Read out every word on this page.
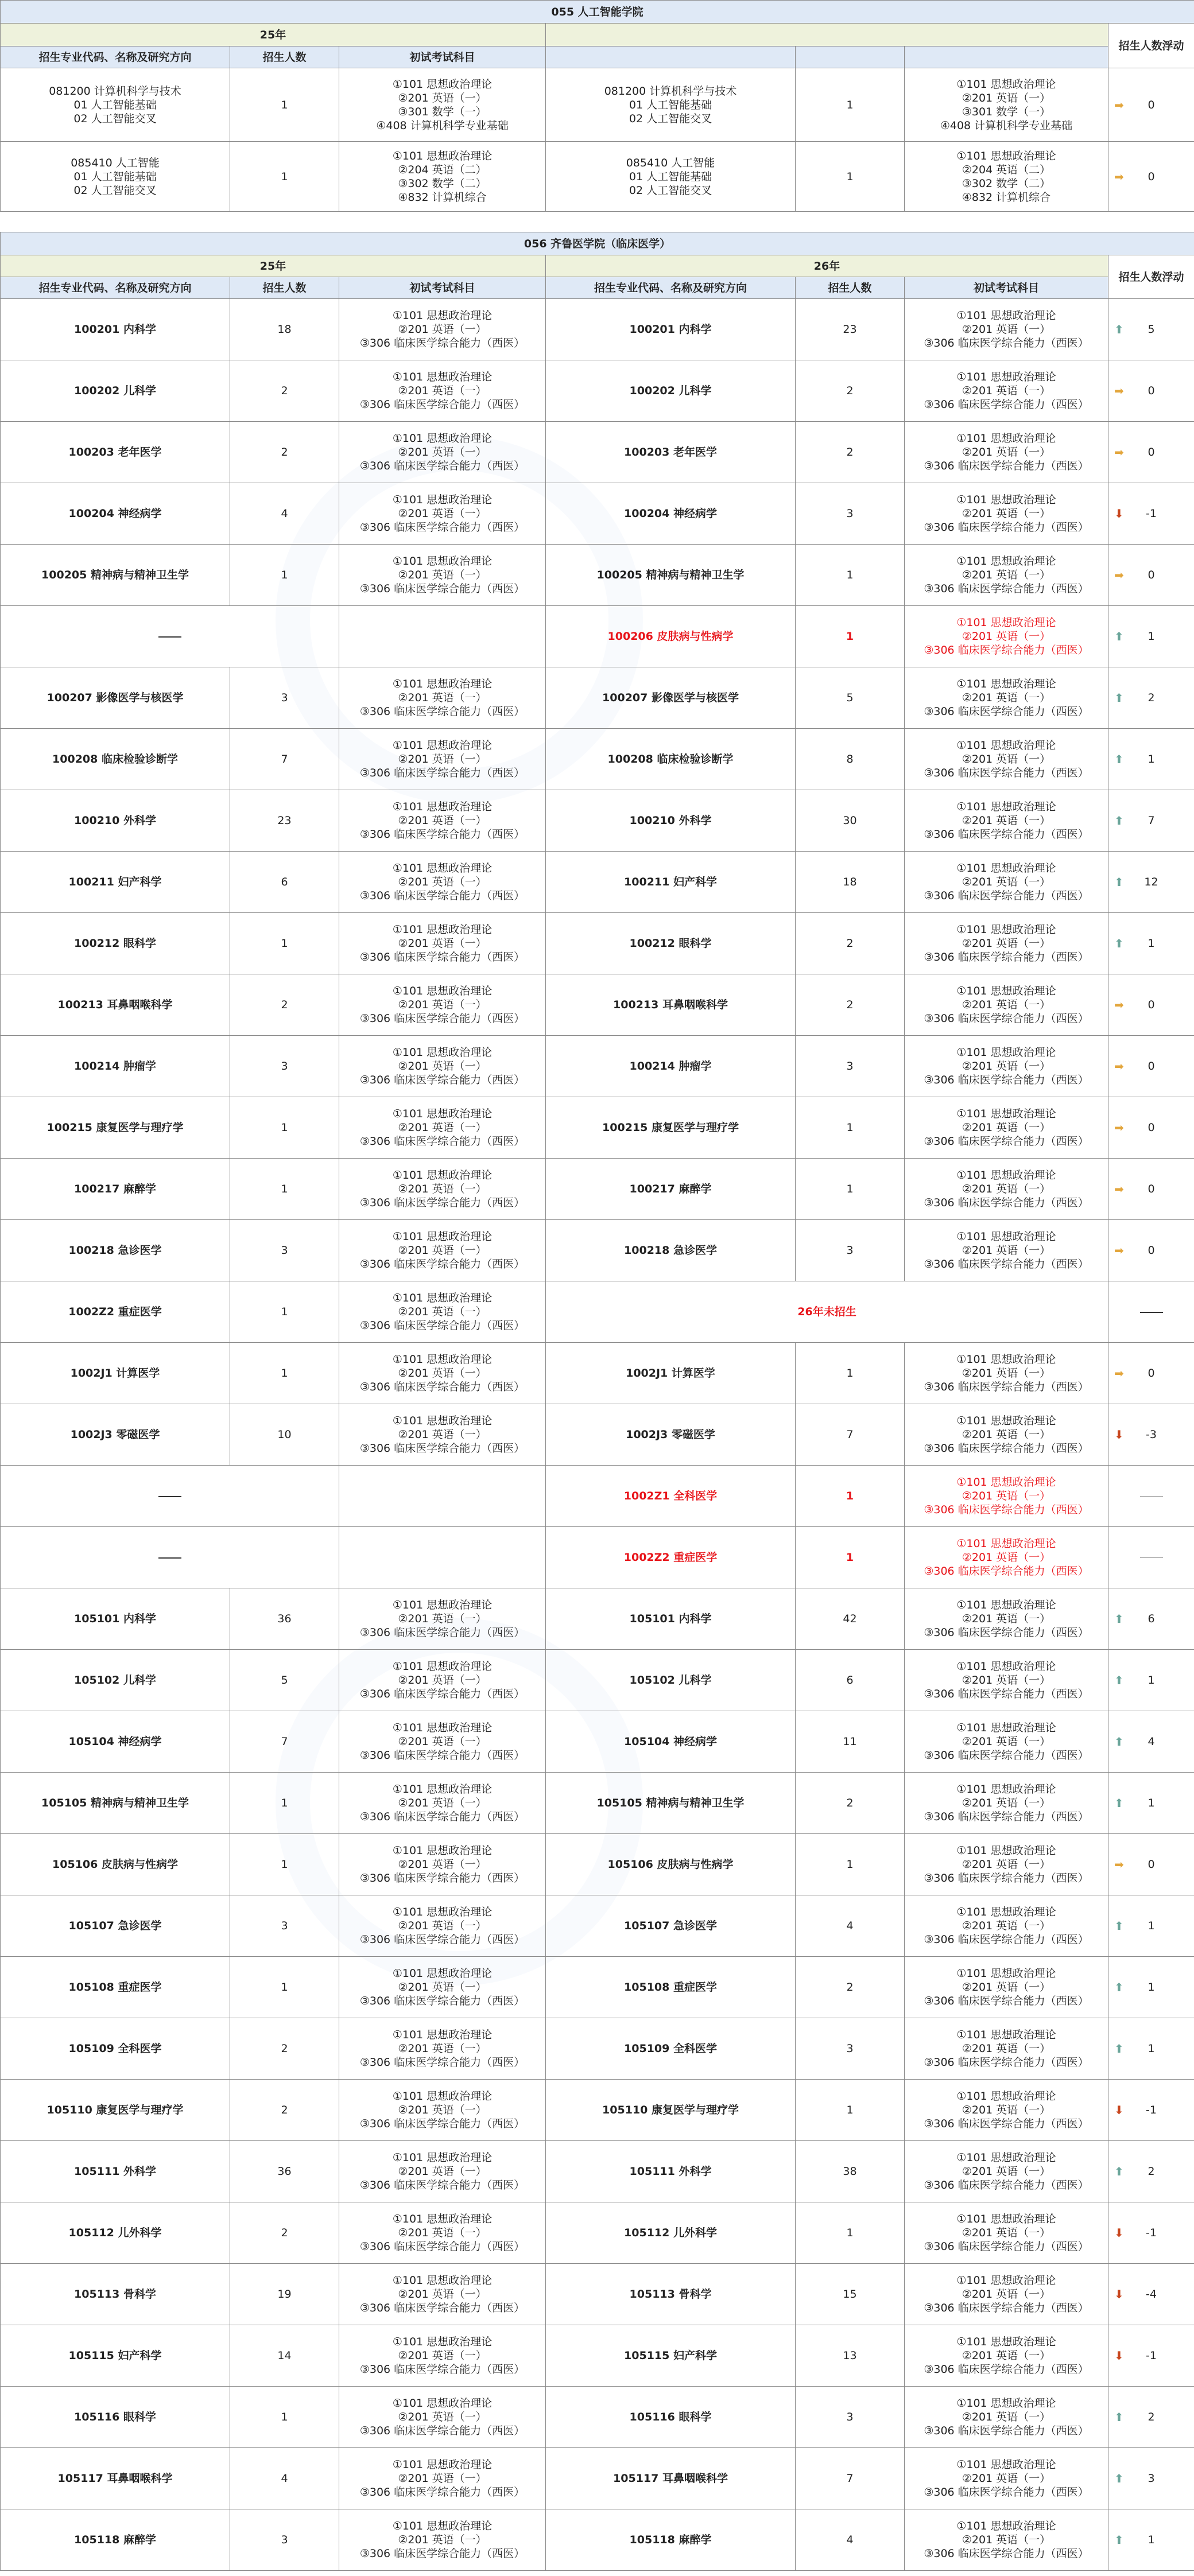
055 人工智能学院						
25年						招生人数浮动
招生专业代码、名称及研究方向	招生人数	初试考试科目				

081200 计算机科学与技术
01 人工智能基础
02 人工智能交叉	1	①101 思想政治理论
②201 英语（一）
③301 数学（一）
④408 计算机科学专业基础	081200 计算机科学与技术
01 人工智能基础
02 人工智能交叉	1	①101 思想政治理论
②201 英语（一）
③301 数学（一）
④408 计算机科学专业基础	➡ 0

085410 人工智能
01 人工智能基础
02 人工智能交叉	1	①101 思想政治理论
②204 英语（二）
③302 数学（二）
④832 计算机综合	085410 人工智能
01 人工智能基础
02 人工智能交叉	1	①101 思想政治理论
②204 英语（二）
③302 数学（二）
④832 计算机综合	➡ 0
056 齐鲁医学院（临床医学）						
25年			26年			招生人数浮动
招生专业代码、名称及研究方向	招生人数	初试考试科目	招生专业代码、名称及研究方向	招生人数	初试考试科目	
100201 内科学	18	①101 思想政治理论
②201 英语（一）
③306 临床医学综合能力（西医）	100201 内科学	23	①101 思想政治理论
②201 英语（一）
③306 临床医学综合能力（西医）	⬆ 5
100202 儿科学	2	①101 思想政治理论
②201 英语（一）
③306 临床医学综合能力（西医）	100202 儿科学	2	①101 思想政治理论
②201 英语（一）
③306 临床医学综合能力（西医）	➡ 0
100203 老年医学	2	①101 思想政治理论
②201 英语（一）
③306 临床医学综合能力（西医）	100203 老年医学	2	①101 思想政治理论
②201 英语（一）
③306 临床医学综合能力（西医）	➡ 0
100204 神经病学	4	①101 思想政治理论
②201 英语（一）
③306 临床医学综合能力（西医）	100204 神经病学	3	①101 思想政治理论
②201 英语（一）
③306 临床医学综合能力（西医）	⬇ -1
100205 精神病与精神卫生学	1	①101 思想政治理论
②201 英语（一）
③306 临床医学综合能力（西医）	100205 精神病与精神卫生学	1	①101 思想政治理论
②201 英语（一）
③306 临床医学综合能力（西医）	➡ 0
			100206 皮肤病与性病学	1	①101 思想政治理论
②201 英语（一）
③306 临床医学综合能力（西医）	⬆ 1
100207 影像医学与核医学	3	①101 思想政治理论
②201 英语（一）
③306 临床医学综合能力（西医）	100207 影像医学与核医学	5	①101 思想政治理论
②201 英语（一）
③306 临床医学综合能力（西医）	⬆ 2
100208 临床检验诊断学	7	①101 思想政治理论
②201 英语（一）
③306 临床医学综合能力（西医）	100208 临床检验诊断学	8	①101 思想政治理论
②201 英语（一）
③306 临床医学综合能力（西医）	⬆ 1
100210 外科学	23	①101 思想政治理论
②201 英语（一）
③306 临床医学综合能力（西医）	100210 外科学	30	①101 思想政治理论
②201 英语（一）
③306 临床医学综合能力（西医）	⬆ 7
100211 妇产科学	6	①101 思想政治理论
②201 英语（一）
③306 临床医学综合能力（西医）	100211 妇产科学	18	①101 思想政治理论
②201 英语（一）
③306 临床医学综合能力（西医）	⬆ 12
100212 眼科学	1	①101 思想政治理论
②201 英语（一）
③306 临床医学综合能力（西医）	100212 眼科学	2	①101 思想政治理论
②201 英语（一）
③306 临床医学综合能力（西医）	⬆ 1
100213 耳鼻咽喉科学	2	①101 思想政治理论
②201 英语（一）
③306 临床医学综合能力（西医）	100213 耳鼻咽喉科学	2	①101 思想政治理论
②201 英语（一）
③306 临床医学综合能力（西医）	➡ 0
100214 肿瘤学	3	①101 思想政治理论
②201 英语（一）
③306 临床医学综合能力（西医）	100214 肿瘤学	3	①101 思想政治理论
②201 英语（一）
③306 临床医学综合能力（西医）	➡ 0
100215 康复医学与理疗学	1	①101 思想政治理论
②201 英语（一）
③306 临床医学综合能力（西医）	100215 康复医学与理疗学	1	①101 思想政治理论
②201 英语（一）
③306 临床医学综合能力（西医）	➡ 0
100217 麻醉学	1	①101 思想政治理论
②201 英语（一）
③306 临床医学综合能力（西医）	100217 麻醉学	1	①101 思想政治理论
②201 英语（一）
③306 临床医学综合能力（西医）	➡ 0
100218 急诊医学	3	①101 思想政治理论
②201 英语（一）
③306 临床医学综合能力（西医）	100218 急诊医学	3	①101 思想政治理论
②201 英语（一）
③306 临床医学综合能力（西医）	➡ 0
1002Z2 重症医学	1	①101 思想政治理论
②201 英语（一）
③306 临床医学综合能力（西医）	26年未招生			
1002J1 计算医学	1	①101 思想政治理论
②201 英语（一）
③306 临床医学综合能力（西医）	1002J1 计算医学	1	①101 思想政治理论
②201 英语（一）
③306 临床医学综合能力（西医）	➡ 0
1002J3 零磁医学	10	①101 思想政治理论
②201 英语（一）
③306 临床医学综合能力（西医）	1002J3 零磁医学	7	①101 思想政治理论
②201 英语（一）
③306 临床医学综合能力（西医）	⬇ -3
			1002Z1 全科医学	1	①101 思想政治理论
②201 英语（一）
③306 临床医学综合能力（西医）	

			1002Z2 重症医学	1	①101 思想政治理论
②201 英语（一）
③306 临床医学综合能力（西医）	

105101 内科学	36	①101 思想政治理论
②201 英语（一）
③306 临床医学综合能力（西医）	105101 内科学	42	①101 思想政治理论
②201 英语（一）
③306 临床医学综合能力（西医）	⬆ 6
105102 儿科学	5	①101 思想政治理论
②201 英语（一）
③306 临床医学综合能力（西医）	105102 儿科学	6	①101 思想政治理论
②201 英语（一）
③306 临床医学综合能力（西医）	⬆ 1
105104 神经病学	7	①101 思想政治理论
②201 英语（一）
③306 临床医学综合能力（西医）	105104 神经病学	11	①101 思想政治理论
②201 英语（一）
③306 临床医学综合能力（西医）	⬆ 4
105105 精神病与精神卫生学	1	①101 思想政治理论
②201 英语（一）
③306 临床医学综合能力（西医）	105105 精神病与精神卫生学	2	①101 思想政治理论
②201 英语（一）
③306 临床医学综合能力（西医）	⬆ 1
105106 皮肤病与性病学	1	①101 思想政治理论
②201 英语（一）
③306 临床医学综合能力（西医）	105106 皮肤病与性病学	1	①101 思想政治理论
②201 英语（一）
③306 临床医学综合能力（西医）	➡ 0
105107 急诊医学	3	①101 思想政治理论
②201 英语（一）
③306 临床医学综合能力（西医）	105107 急诊医学	4	①101 思想政治理论
②201 英语（一）
③306 临床医学综合能力（西医）	⬆ 1
105108 重症医学	1	①101 思想政治理论
②201 英语（一）
③306 临床医学综合能力（西医）	105108 重症医学	2	①101 思想政治理论
②201 英语（一）
③306 临床医学综合能力（西医）	⬆ 1
105109 全科医学	2	①101 思想政治理论
②201 英语（一）
③306 临床医学综合能力（西医）	105109 全科医学	3	①101 思想政治理论
②201 英语（一）
③306 临床医学综合能力（西医）	⬆ 1
105110 康复医学与理疗学	2	①101 思想政治理论
②201 英语（一）
③306 临床医学综合能力（西医）	105110 康复医学与理疗学	1	①101 思想政治理论
②201 英语（一）
③306 临床医学综合能力（西医）	⬇ -1
105111 外科学	36	①101 思想政治理论
②201 英语（一）
③306 临床医学综合能力（西医）	105111 外科学	38	①101 思想政治理论
②201 英语（一）
③306 临床医学综合能力（西医）	⬆ 2
105112 儿外科学	2	①101 思想政治理论
②201 英语（一）
③306 临床医学综合能力（西医）	105112 儿外科学	1	①101 思想政治理论
②201 英语（一）
③306 临床医学综合能力（西医）	⬇ -1
105113 骨科学	19	①101 思想政治理论
②201 英语（一）
③306 临床医学综合能力（西医）	105113 骨科学	15	①101 思想政治理论
②201 英语（一）
③306 临床医学综合能力（西医）	⬇ -4
105115 妇产科学	14	①101 思想政治理论
②201 英语（一）
③306 临床医学综合能力（西医）	105115 妇产科学	13	①101 思想政治理论
②201 英语（一）
③306 临床医学综合能力（西医）	⬇ -1
105116 眼科学	1	①101 思想政治理论
②201 英语（一）
③306 临床医学综合能力（西医）	105116 眼科学	3	①101 思想政治理论
②201 英语（一）
③306 临床医学综合能力（西医）	⬆ 2
105117 耳鼻咽喉科学	4	①101 思想政治理论
②201 英语（一）
③306 临床医学综合能力（西医）	105117 耳鼻咽喉科学	7	①101 思想政治理论
②201 英语（一）
③306 临床医学综合能力（西医）	⬆ 3
105118 麻醉学	3	①101 思想政治理论
②201 英语（一）
③306 临床医学综合能力（西医）	105118 麻醉学	4	①101 思想政治理论
②201 英语（一）
③306 临床医学综合能力（西医）	⬆ 1
